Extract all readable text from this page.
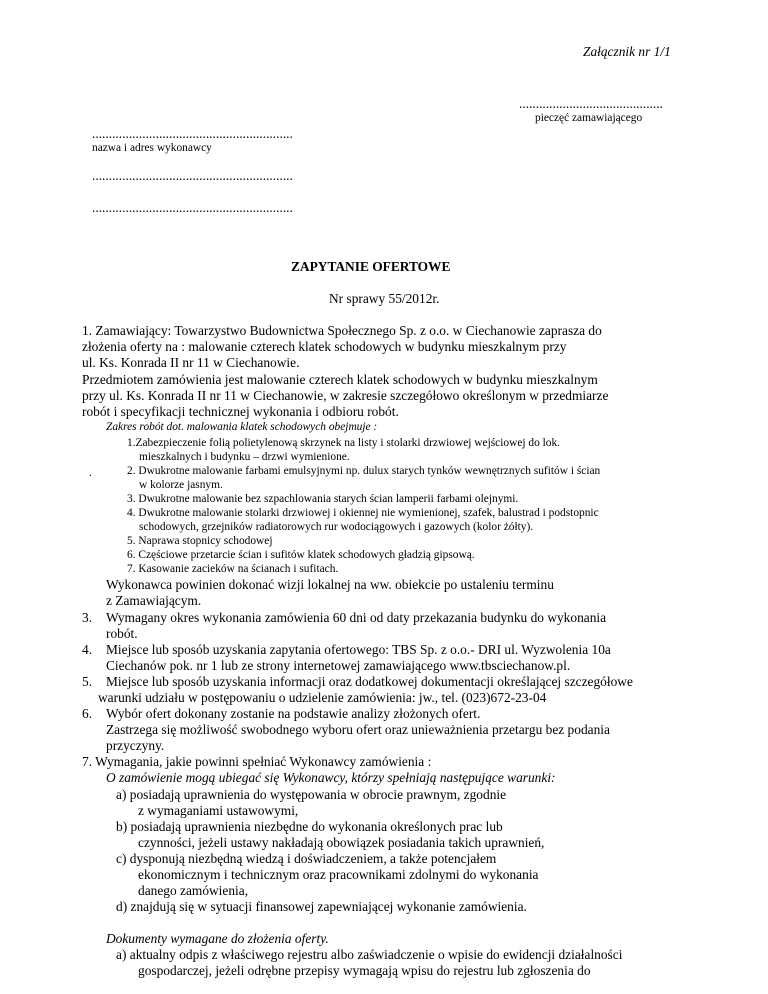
Załącznik nr 1/1
...........................................
pieczęć zamawiającego
............................................................
nazwa i adres wykonawcy
............................................................
............................................................
ZAPYTANIE OFERTOWE
Nr sprawy 55/2012r.
1. Zamawiający: Towarzystwo Budownictwa Społecznego Sp. z o.o. w Ciechanowie zaprasza do
złożenia oferty na : malowanie czterech klatek schodowych w budynku mieszkalnym przy
ul. Ks. Konrada II nr 11 w Ciechanowie.
Przedmiotem zamówienia jest malowanie czterech klatek schodowych w budynku mieszkalnym
przy ul. Ks. Konrada II nr 11 w Ciechanowie, w zakresie szczegółowo określonym w przedmiarze
robót i specyfikacji technicznej wykonania i odbioru robót.
Zakres robót dot. malowania klatek schodowych obejmuje :
1.Zabezpieczenie folią polietylenową skrzynek na listy i stolarki drzwiowej wejściowej do lok.
mieszkalnych i budynku – drzwi wymienione.
.	2. Dwukrotne malowanie farbami emulsyjnymi np. dulux starych tynków wewnętrznych sufitów i ścian
w kolorze jasnym.
3. Dwukrotne malowanie bez szpachlowania starych ścian lamperii farbami olejnymi.
4. Dwukrotne malowanie stolarki drzwiowej i okiennej nie wymienionej, szafek, balustrad i podstopnic
schodowych, grzejników radiatorowych rur wodociągowych i gazowych (kolor żółty).
5. Naprawa stopnicy schodowej
6. Częściowe przetarcie ścian i sufitów klatek schodowych gładzią gipsową.
7. Kasowanie zacieków na ścianach i sufitach.
Wykonawca powinien dokonać wizji lokalnej na ww. obiekcie po ustaleniu terminu
z Zamawiającym.
3. Wymagany okres wykonania zamówienia 60 dni od daty przekazania budynku do wykonania
robót.
4. Miejsce lub sposób uzyskania zapytania ofertowego: TBS Sp. z o.o.- DRI ul. Wyzwolenia 10a
Ciechanów pok. nr 1 lub ze strony internetowej zamawiającego www.tbsciechanow.pl.
5. Miejsce lub sposób uzyskania informacji oraz dodatkowej dokumentacji określającej szczegółowe
warunki udziału w postępowaniu o udzielenie zamówienia: jw., tel. (023)672-23-04
6. Wybór ofert dokonany zostanie na podstawie analizy złożonych ofert.
Zastrzega się możliwość swobodnego wyboru ofert oraz unieważnienia przetargu bez podania
przyczyny.
7. Wymagania, jakie powinni spełniać Wykonawcy zamówienia :
O zamówienie mogą ubiegać się Wykonawcy, którzy spełniają następujące warunki:
a) posiadają uprawnienia do występowania w obrocie prawnym, zgodnie
z wymaganiami ustawowymi,
b) posiadają uprawnienia niezbędne do wykonania określonych prac lub
czynności, jeżeli ustawy nakładają obowiązek posiadania takich uprawnień,
c) dysponują niezbędną wiedzą i doświadczeniem, a także potencjałem
ekonomicznym i technicznym oraz pracownikami zdolnymi do wykonania
danego zamówienia,
d) znajdują się w sytuacji finansowej zapewniającej wykonanie zamówienia.
Dokumenty wymagane do złożenia oferty.
a) aktualny odpis z właściwego rejestru albo zaświadczenie o wpisie do ewidencji działalności
gospodarczej, jeżeli odrębne przepisy wymagają wpisu do rejestru lub zgłoszenia do
